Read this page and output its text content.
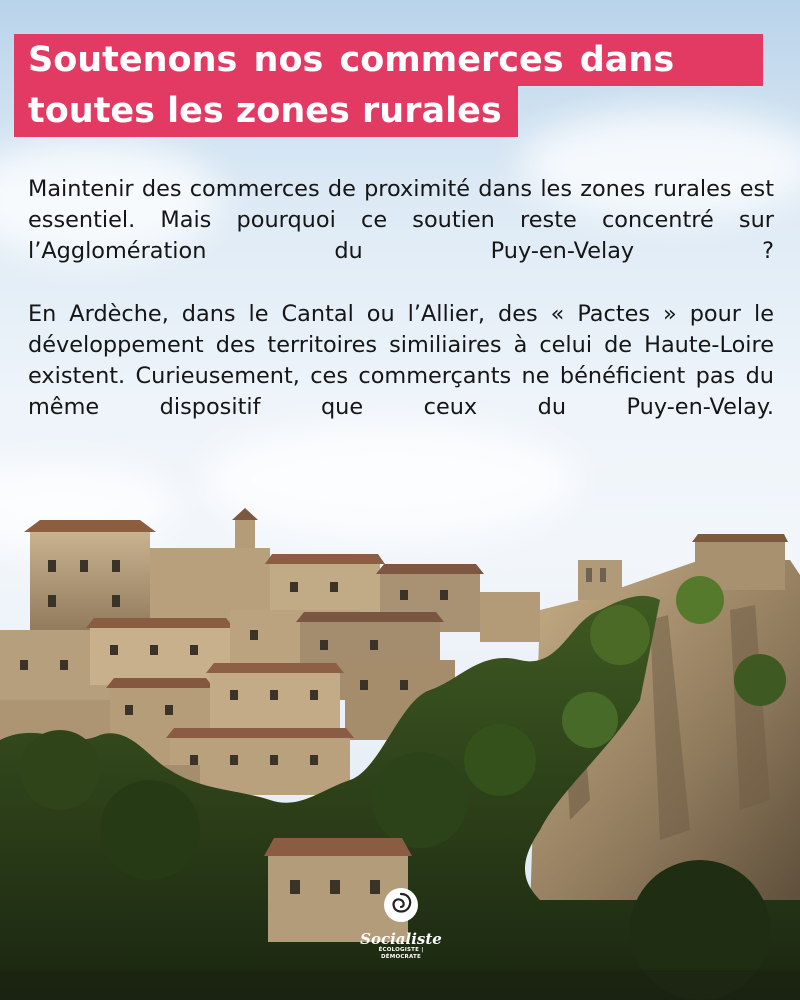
Soutenons nos commerces dans
toutes les zones rurales

Maintenir des commerces de proximité dans les zones rurales est essentiel. Mais pourquoi ce soutien reste concentré sur l’Agglomération du Puy-en-Velay ?

En Ardèche, dans le Cantal ou l’Allier, des « Pactes » pour le développement des territoires similiaires à celui de Haute-Loire existent. Curieusement, ces commerçants ne bénéficient pas du même dispositif que ceux du Puy-en-Velay.

Socialiste
ÉCOLOGISTE | DÉMOCRATE
